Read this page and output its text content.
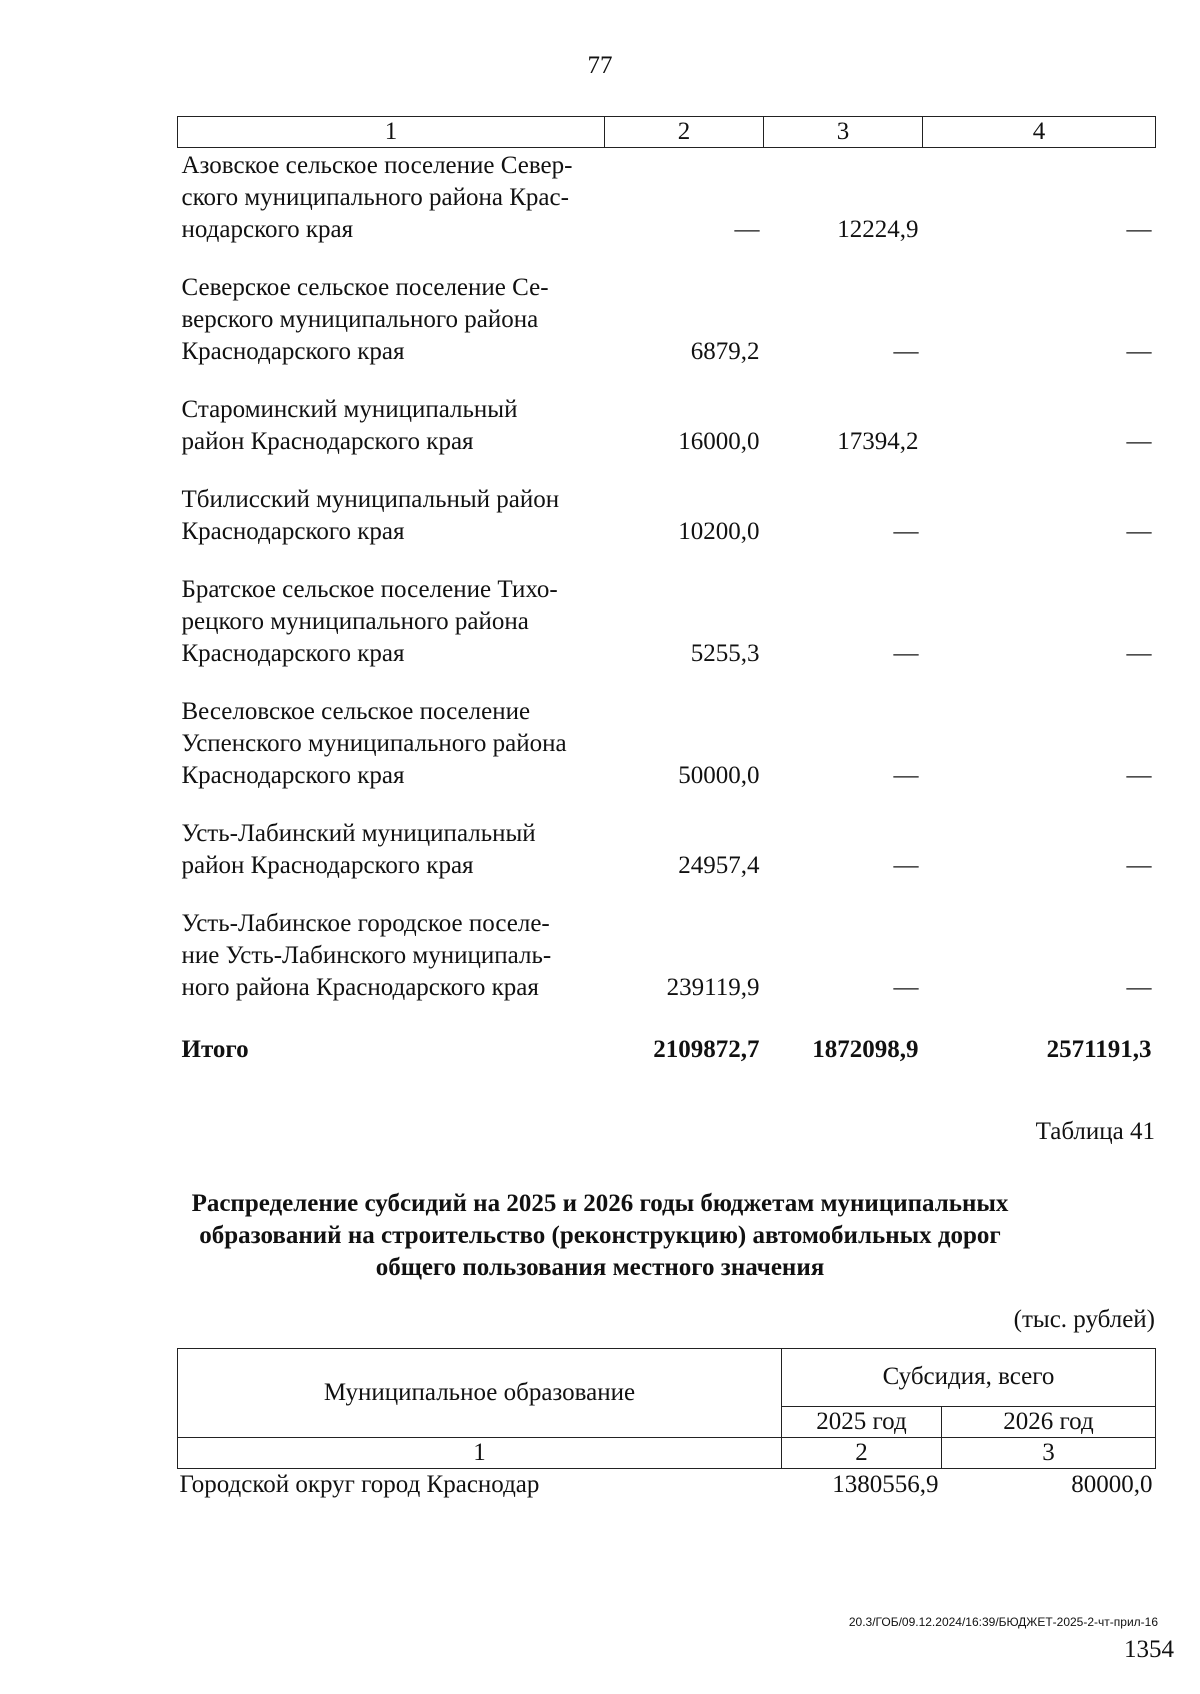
77
1	2	3	4
Азовское сельское поселение Север-
ского муниципального района Крас-
нодарского края	—	12224,9	—
Северское сельское поселение Се-
верского муниципального района
Краснодарского края	6879,2	—	—
Староминский муниципальный
район Краснодарского края	16000,0	17394,2	—
Тбилисский муниципальный район
Краснодарского края	10200,0	—	—
Братское сельское поселение Тихо-
рецкого муниципального района
Краснодарского края	5255,3	—	—
Веселовское сельское поселение
Успенского муниципального района
Краснодарского края	50000,0	—	—
Усть-Лабинский муниципальный
район Краснодарского края	24957,4	—	—
Усть-Лабинское городское поселе-
ние Усть-Лабинского муниципаль-
ного района Краснодарского края	239119,9	—	—
Итого	2109872,7	1872098,9	2571191,3
Таблица 41
Распределение субсидий на 2025 и 2026 годы бюджетам муниципальных
образований на строительство (реконструкцию) автомобильных дорог
общего пользования местного значения
(тыс. рублей)
Муниципальное образование	Субсидия, всего	
	2025 год	2026 год
1	2	3
Городской округ город Краснодар	1380556,9	80000,0
20.3/ГОБ/09.12.2024/16:39/БЮДЖЕТ-2025-2-чт-прил-16
1354
